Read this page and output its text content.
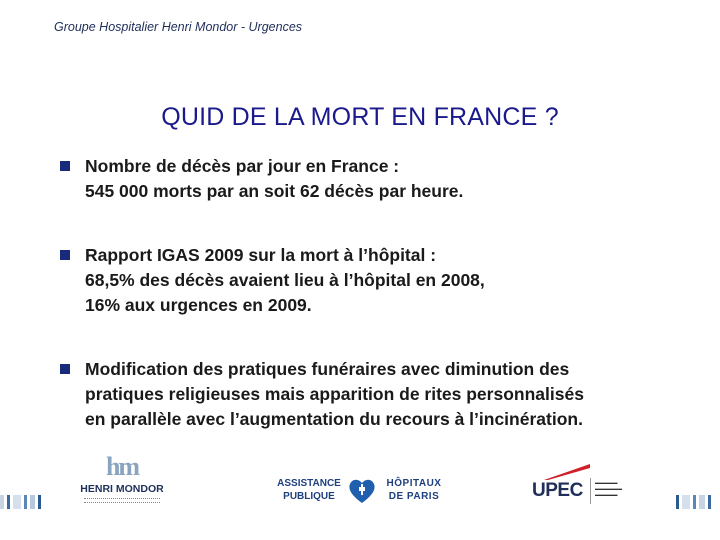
Groupe Hospitalier Henri Mondor - Urgences
QUID DE LA MORT EN FRANCE ?
Nombre de décès par jour en France :
545 000 morts par an soit 62 décès par heure.
Rapport IGAS 2009 sur la mort à l’hôpital :
68,5% des décès avaient lieu à l’hôpital en 2008,
16% aux urgences en 2009.
Modification des pratiques funéraires avec diminution des
pratiques religieuses mais apparition de rites personnalisés
en parallèle avec l’augmentation du recours à l’incinération.
hm
HENRI MONDOR	ASSISTANCE
PUBLIQUE
HÔPITAUX
DE PARIS	UPEC	▬▬▬▬▬
▬▬▬▬▬▬
▬▬▬▬▬
